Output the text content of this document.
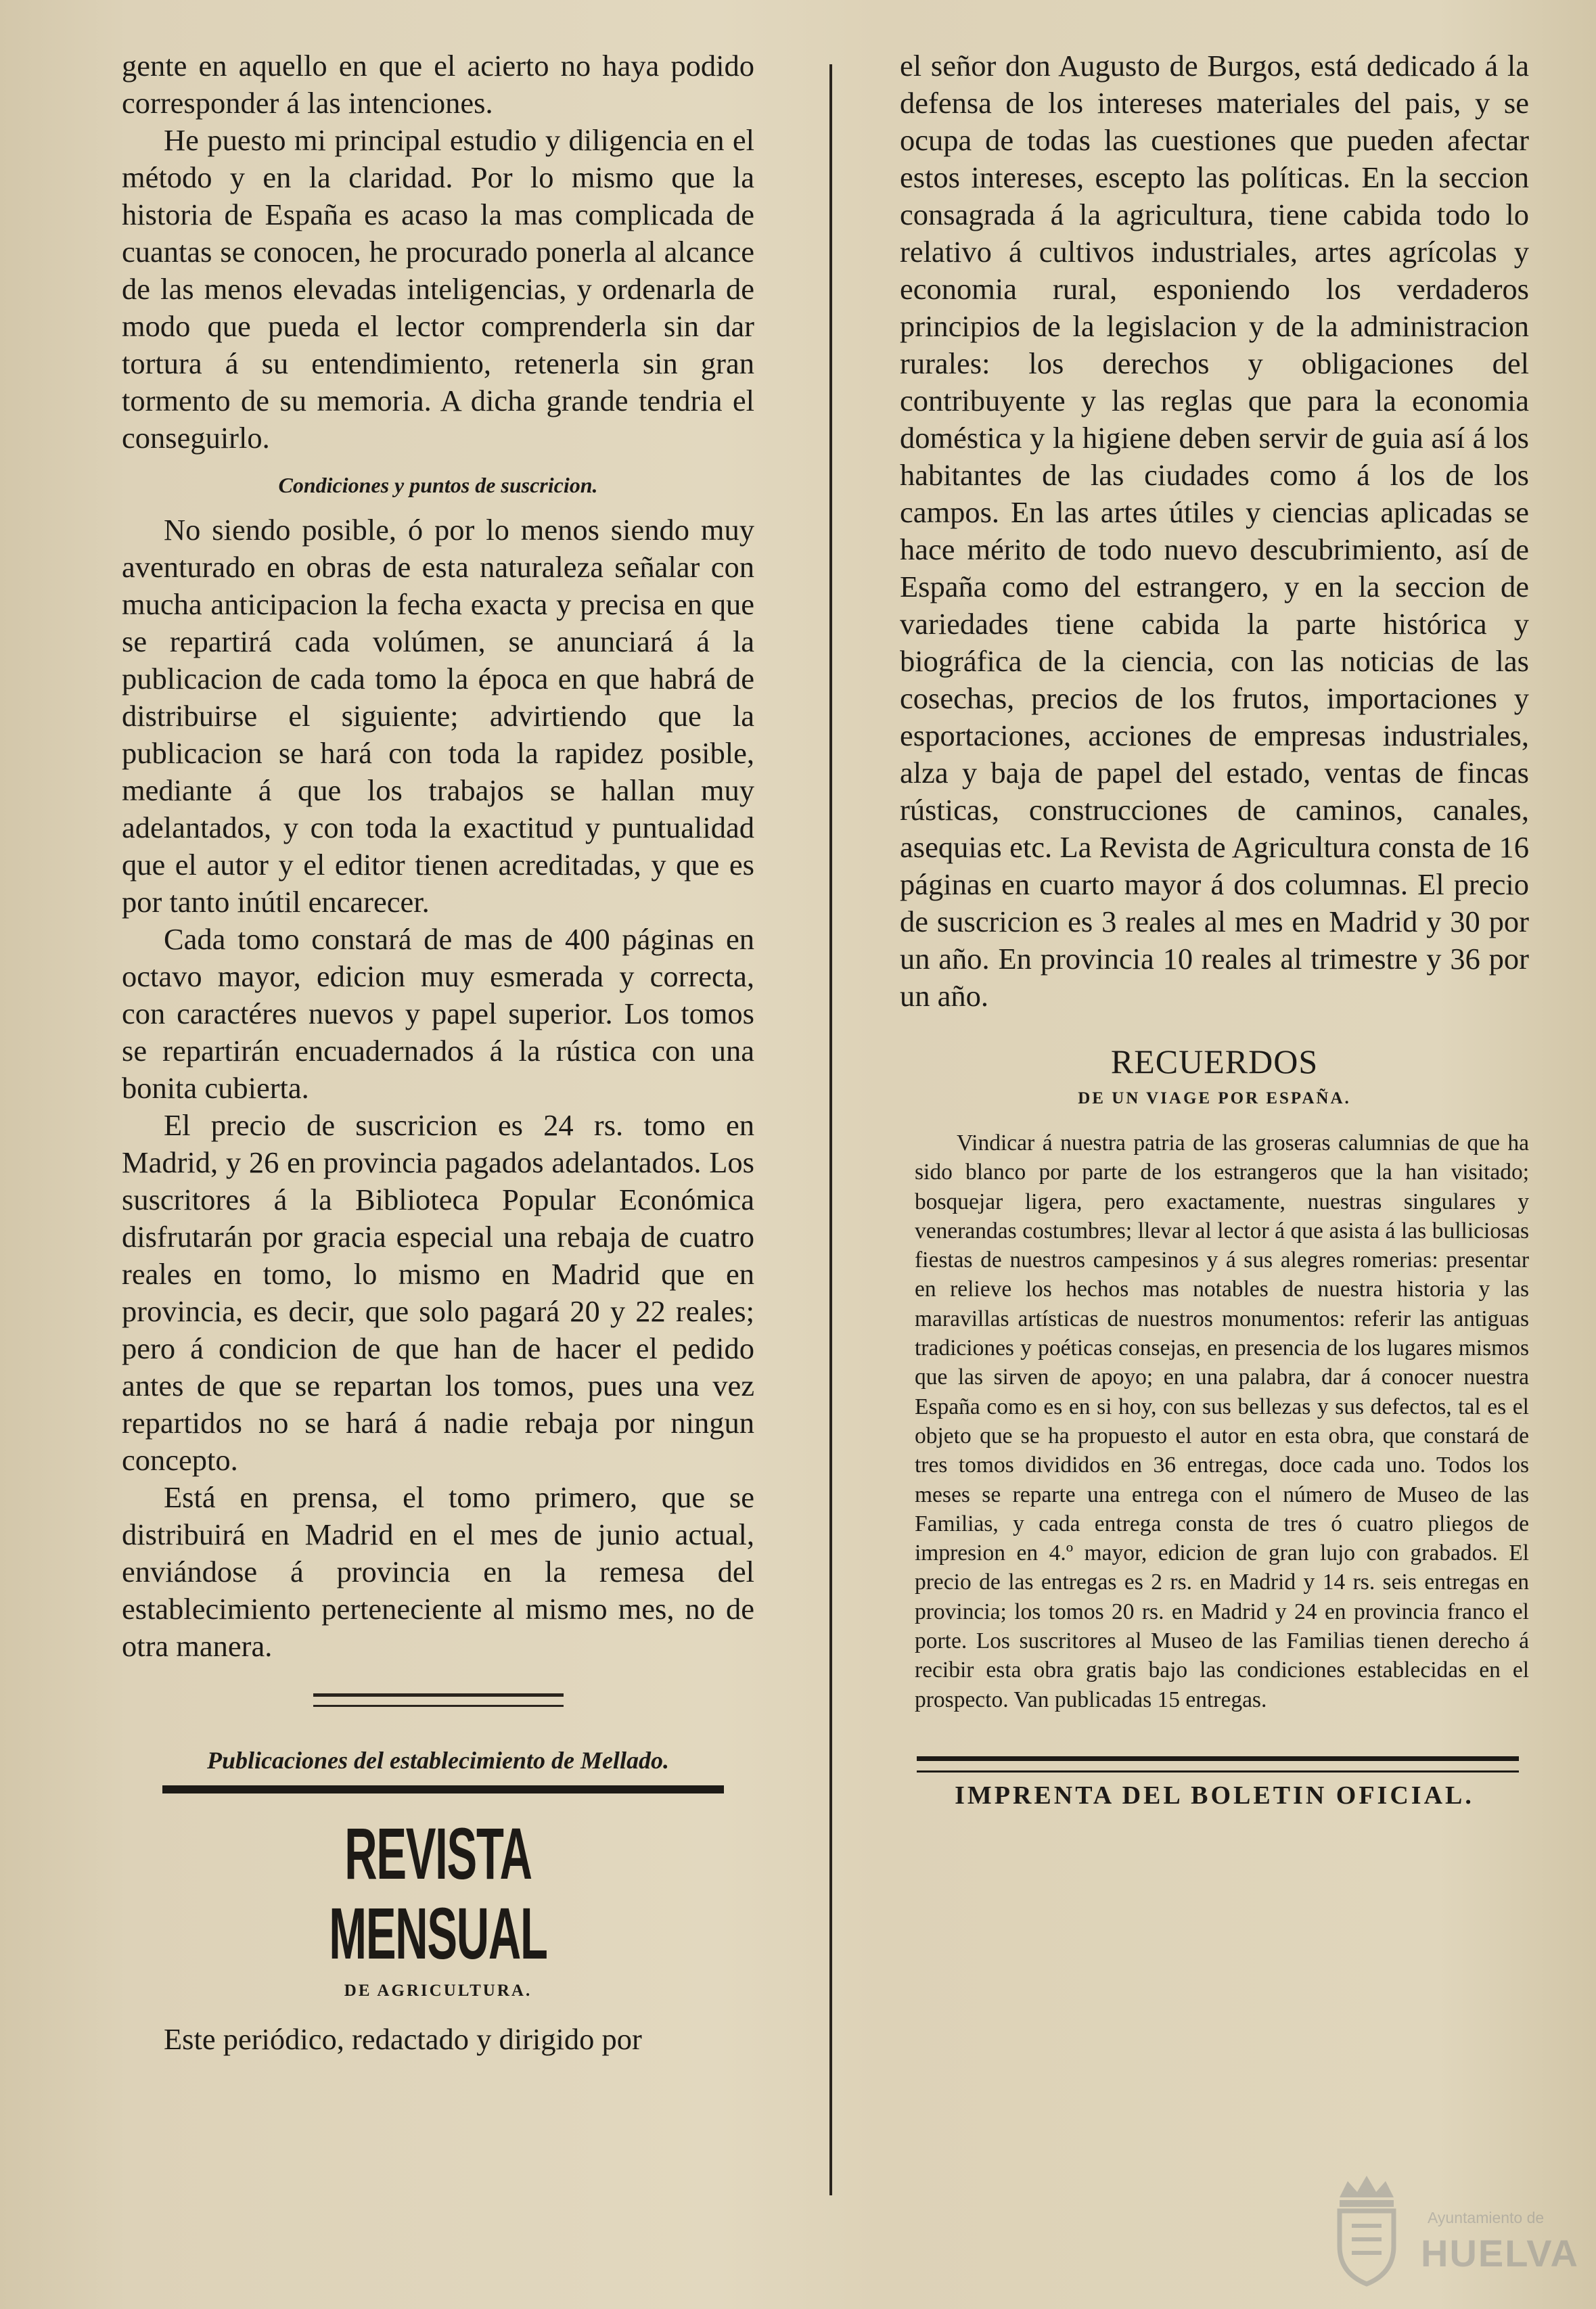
gente en aquello en que el acierto no haya podido corresponder á las intenciones.

He puesto mi principal estudio y diligencia en el método y en la claridad. Por lo mismo que la historia de España es acaso la mas complicada de cuantas se conocen, he procurado ponerla al alcance de las menos elevadas inteligencias, y ordenarla de modo que pueda el lector comprenderla sin dar tortura á su entendimiento, retenerla sin gran tormento de su memoria. A dicha grande tendria el conseguirlo.

Condiciones y puntos de suscricion.

No siendo posible, ó por lo menos siendo muy aventurado en obras de esta naturaleza señalar con mucha anticipacion la fecha exacta y precisa en que se repartirá cada volúmen, se anunciará á la publicacion de cada tomo la época en que habrá de distribuirse el siguiente; advirtiendo que la publicacion se hará con toda la rapidez posible, mediante á que los trabajos se hallan muy adelantados, y con toda la exactitud y puntualidad que el autor y el editor tienen acreditadas, y que es por tanto inútil encarecer.

Cada tomo constará de mas de 400 páginas en octavo mayor, edicion muy esmerada y correcta, con caractéres nuevos y papel superior. Los tomos se repartirán encuadernados á la rústica con una bonita cubierta.

El precio de suscricion es 24 rs. tomo en Madrid, y 26 en provincia pagados adelantados. Los suscritores á la Biblioteca Popular Económica disfrutarán por gracia especial una rebaja de cuatro reales en tomo, lo mismo en Madrid que en provincia, es decir, que solo pagará 20 y 22 reales; pero á condicion de que han de hacer el pedido antes de que se repartan los tomos, pues una vez repartidos no se hará á nadie rebaja por ningun concepto.

Está en prensa, el tomo primero, que se distribuirá en Madrid en el mes de junio actual, enviándose á provincia en la remesa del establecimiento perteneciente al mismo mes, no de otra manera.

Publicaciones del establecimiento de Mellado.
REVISTA MENSUAL
DE AGRICULTURA.

Este periódico, redactado y dirigido por

el señor don Augusto de Burgos, está dedicado á la defensa de los intereses materiales del pais, y se ocupa de todas las cuestiones que pueden afectar estos intereses, escepto las políticas. En la seccion consagrada á la agricultura, tiene cabida todo lo relativo á cultivos industriales, artes agrícolas y economia rural, esponiendo los verdaderos principios de la legislacion y de la administracion rurales: los derechos y obligaciones del contribuyente y las reglas que para la economia doméstica y la higiene deben servir de guia así á los habitantes de las ciudades como á los de los campos. En las artes útiles y ciencias aplicadas se hace mérito de todo nuevo descubrimiento, así de España como del estrangero, y en la seccion de variedades tiene cabida la parte histórica y biográfica de la ciencia, con las noticias de las cosechas, precios de los frutos, importaciones y esportaciones, acciones de empresas industriales, alza y baja de papel del estado, ventas de fincas rústicas, construcciones de caminos, canales, asequias etc. La Revista de Agricultura consta de 16 páginas en cuarto mayor á dos columnas. El precio de suscricion es 3 reales al mes en Madrid y 30 por un año. En provincia 10 reales al trimestre y 36 por un año.

RECUERDOS
DE UN VIAGE POR ESPAÑA.

Vindicar á nuestra patria de las groseras calumnias de que ha sido blanco por parte de los estrangeros que la han visitado; bosquejar ligera, pero exactamente, nuestras singulares y venerandas costumbres; llevar al lector á que asista á las bulliciosas fiestas de nuestros campesinos y á sus alegres romerias: presentar en relieve los hechos mas notables de nuestra historia y las maravillas artísticas de nuestros monumentos: referir las antiguas tradiciones y poéticas consejas, en presencia de los lugares mismos que las sirven de apoyo; en una palabra, dar á conocer nuestra España como es en si hoy, con sus bellezas y sus defectos, tal es el objeto que se ha propuesto el autor en esta obra, que constará de tres tomos divididos en 36 entregas, doce cada uno. Todos los meses se reparte una entrega con el número de Museo de las Familias, y cada entrega consta de tres ó cuatro pliegos de impresion en 4.º mayor, edicion de gran lujo con grabados. El precio de las entregas es 2 rs. en Madrid y 14 rs. seis entregas en provincia; los tomos 20 rs. en Madrid y 24 en provincia franco el porte. Los suscritores al Museo de las Familias tienen derecho á recibir esta obra gratis bajo las condiciones establecidas en el prospecto. Van publicadas 15 entregas.

IMPRENTA DEL BOLETIN OFICIAL.
Ayuntamiento de
HUELVA
